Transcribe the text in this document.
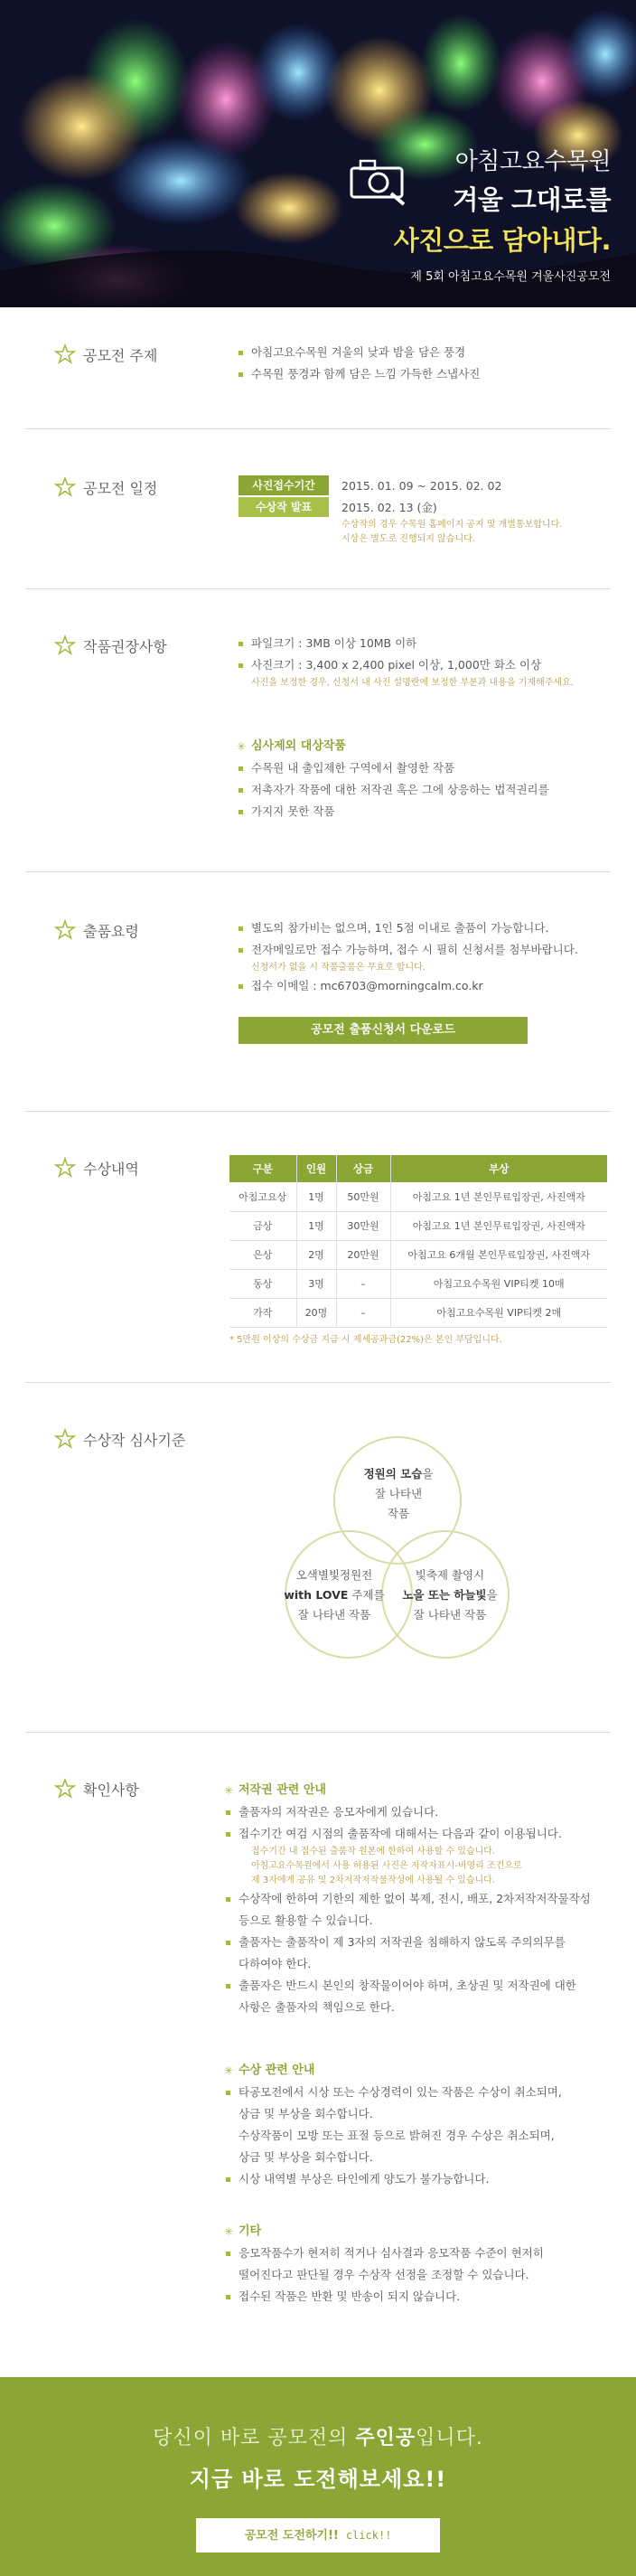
아침고요수목원
겨울 그대로를
사진으로 담아내다.
제 5회 아침고요수목원 겨울사진공모전
공모전 주제	아침고요수목원 겨울의 낮과 밤을 담은 풍경
수목원 풍경과 함께 담은 느낌 가득한 스냅사진
공모전 일정	사진접수기간	2015. 01. 09 ~ 2015. 02. 02
수상작 발표	2015. 02. 13 (金)
수상작의 경우 수목원 홈페이지 공지 및 개별통보합니다.
시상은 별도로 진행되지 않습니다.
작품권장사항	파일크기 : 3MB 이상 10MB 이하
사진크기 : 3,400 x 2,400 pixel 이상, 1,000만 화소 이상
사진을 보정한 경우, 신청서 내 사진 설명란에 보정한 부분과 내용을 기재해주세요.
✳ 심사제외 대상작품
수목원 내 출입제한 구역에서 촬영한 작품
저촉자가 작품에 대한 저작권 혹은 그에 상응하는 법적권리를
가지지 못한 작품
출품요령	별도의 참가비는 없으며, 1인 5점 이내로 출품이 가능합니다.
전자메일로만 접수 가능하며, 접수 시 필히 신청서를 첨부바랍니다.
신청서가 없을 시 작품출품은 무효로 합니다.
접수 이메일 : mc6703@morningcalm.co.kr
공모전 출품신청서 다운로드
수상내역	구분	인원	상금	부상
아침고요상	1명	50만원	아침고요 1년 본인무료입장권, 사진액자
금상	1명	30만원	아침고요 1년 본인무료입장권, 사진액자
은상	2명	20만원	아침고요 6개월 본인무료입장권, 사진액자
동상	3명	–	아침고요수목원 VIP티켓 10매
가작	20명	–	아침고요수목원 VIP티켓 2매
* 5만원 이상의 수상금 지급 시 제세공과금(22%)은 본인 부담입니다.
수상작 심사기준
정원의 모습을
잘 나타낸
작품
오색별빛정원전
with LOVE 주제를
잘 나타낸 작품
빛축제 촬영시
노을 또는 하늘빛을
잘 나타낸 작품
확인사항	✳ 저작권 관련 안내
출품자의 저작권은 응모자에게 있습니다.
접수기간 여검 시점의 출품작에 대해서는 다음과 같이 이용됩니다.
접수기간 내 접수된 출품작 원본에 한하여 사용할 수 있습니다.
아침고요수목원에서 사용 허용된 사진은 저작자표시-비영리 조건으로
제 3자에게 공유 및 2차저작저작물작성에 사용될 수 있습니다.
수상작에 한하여 기한의 제한 없이 복제, 전시, 배포, 2차저작저작물작성
등으로 활용할 수 있습니다.
출품자는 출품작이 제 3자의 저작권을 침해하지 않도록 주의의무를
다하여야 한다.
출품자은 반드시 본인의 창작물이어야 하며, 초상권 및 저작권에 대한
사항은 출품자의 책임으로 한다.
✳ 수상 관련 안내
타공모전에서 시상 또는 수상경력이 있는 작품은 수상이 취소되며,
상금 및 부상을 회수합니다.
수상작품이 모방 또는 표절 등으로 밝혀진 경우 수상은 취소되며,
상금 및 부상을 회수합니다.
시상 내역별 부상은 타인에게 양도가 불가능합니다.
✳ 기타
응모작품수가 현저히 적거나 심사결과 응모작품 수준이 현저히
떨어진다고 판단될 경우 수상작 선정을 조정할 수 있습니다.
접수된 작품은 반환 및 반송이 되지 않습니다.
당신이 바로 공모전의 주인공입니다.
지금 바로 도전해보세요!!
공모전 도전하기!! click!!
